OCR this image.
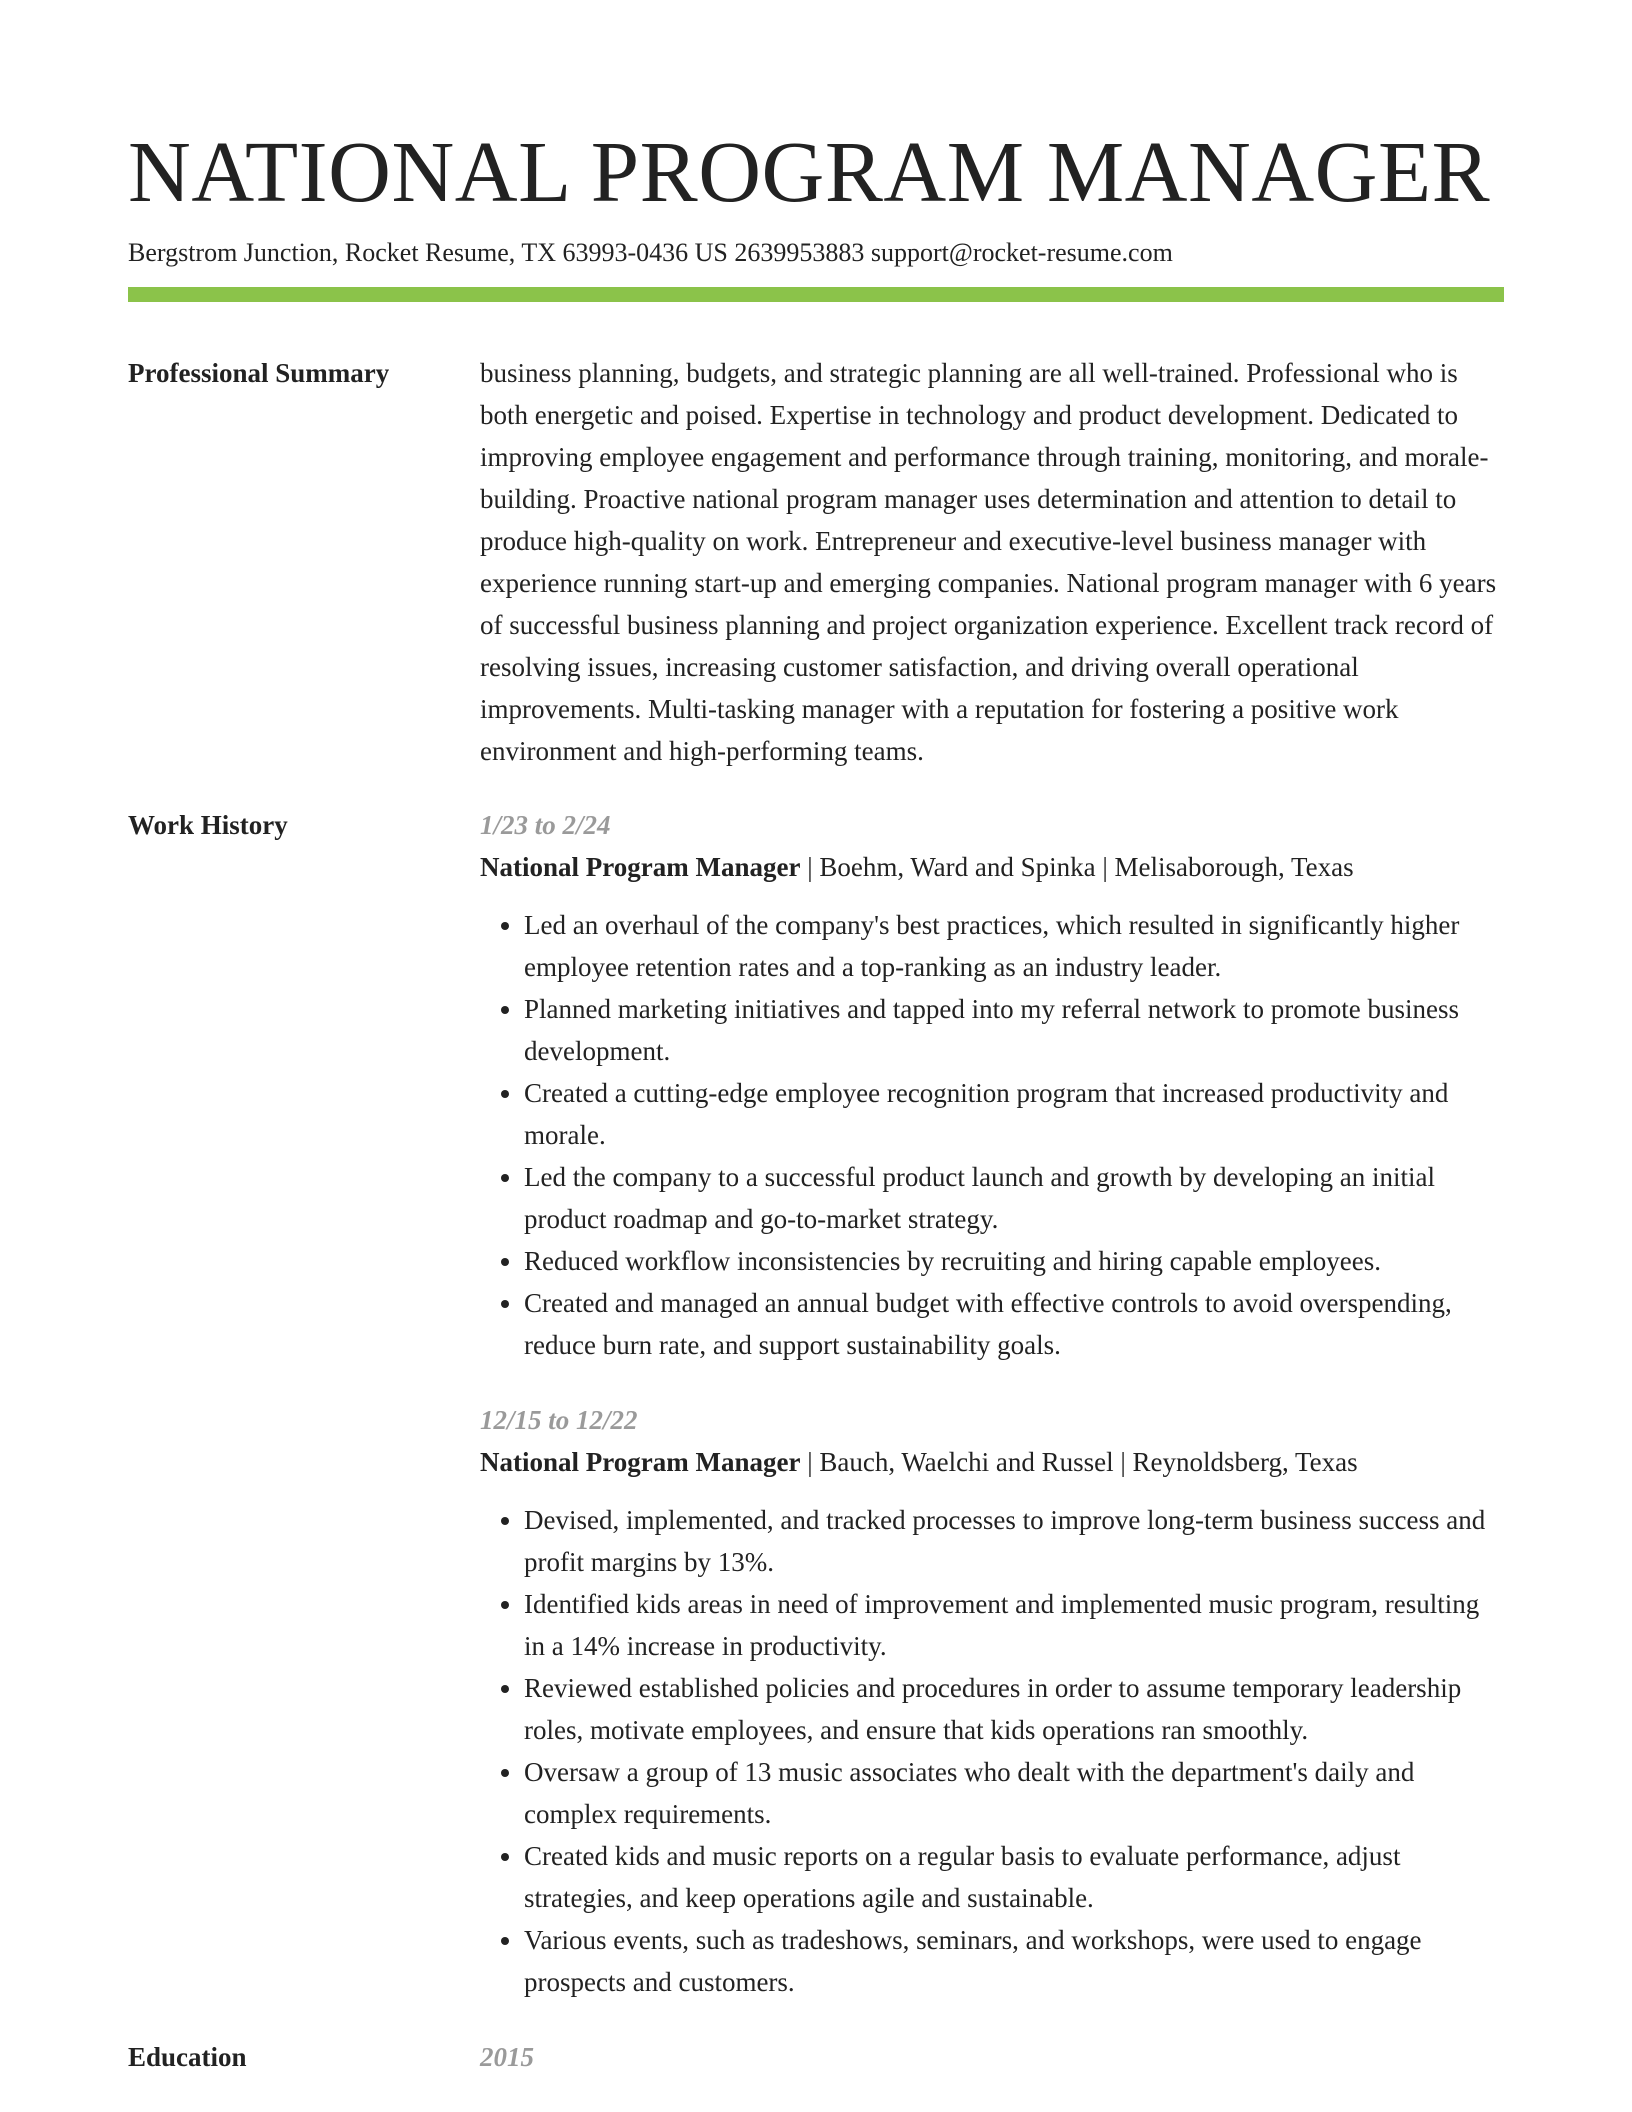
NATIONAL PROGRAM MANAGER
Bergstrom Junction, Rocket Resume, TX 63993-0436 US 2639953883 support@rocket-resume.com
Professional Summary	business planning, budgets, and strategic planning are all well-trained. Professional who is both energetic and poised. Expertise in technology and product development. Dedicated to improving employee engagement and performance through training, monitoring, and morale-building. Proactive national program manager uses determination and attention to detail to produce high-quality on work. Entrepreneur and executive-level business manager with experience running start-up and emerging companies. National program manager with 6 years of successful business planning and project organization experience. Excellent track record of resolving issues, increasing customer satisfaction, and driving overall operational improvements. Multi-tasking manager with a reputation for fostering a positive work environment and high-performing teams.
Work History	1/23 to 2/24
National Program Manager | Boehm, Ward and Spinka | Melisaborough, Texas
• Led an overhaul of the company's best practices, which resulted in significantly higher employee retention rates and a top-ranking as an industry leader.
• Planned marketing initiatives and tapped into my referral network to promote business development.
• Created a cutting-edge employee recognition program that increased productivity and morale.
• Led the company to a successful product launch and growth by developing an initial product roadmap and go-to-market strategy.
• Reduced workflow inconsistencies by recruiting and hiring capable employees.
• Created and managed an annual budget with effective controls to avoid overspending, reduce burn rate, and support sustainability goals.
12/15 to 12/22
National Program Manager | Bauch, Waelchi and Russel | Reynoldsberg, Texas
• Devised, implemented, and tracked processes to improve long-term business success and profit margins by 13%.
• Identified kids areas in need of improvement and implemented music program, resulting in a 14% increase in productivity.
• Reviewed established policies and procedures in order to assume temporary leadership roles, motivate employees, and ensure that kids operations ran smoothly.
• Oversaw a group of 13 music associates who dealt with the department's daily and complex requirements.
• Created kids and music reports on a regular basis to evaluate performance, adjust strategies, and keep operations agile and sustainable.
• Various events, such as tradeshows, seminars, and workshops, were used to engage prospects and customers.
Education	2015
